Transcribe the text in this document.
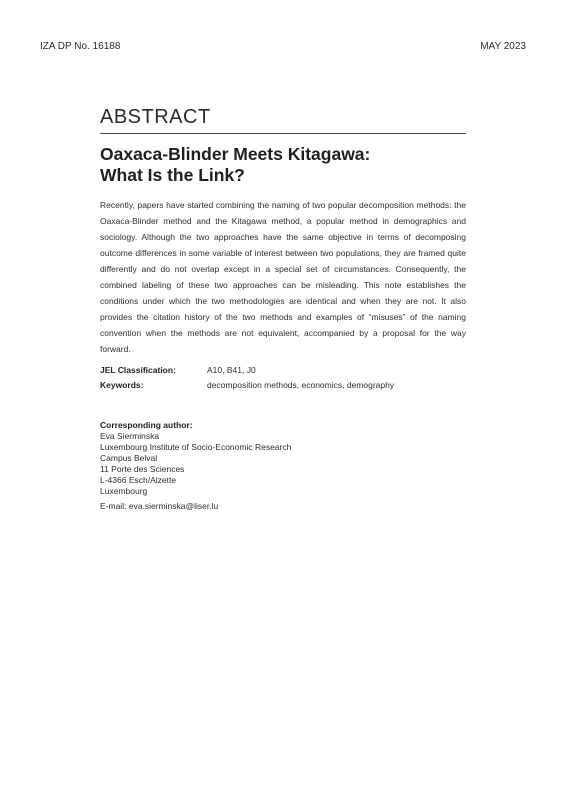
IZA DP No. 16188	MAY 2023
ABSTRACT
Oaxaca-Blinder Meets Kitagawa:
What Is the Link?
Recently, papers have started combining the naming of two popular decomposition methods: the Oaxaca-Blinder method and the Kitagawa method, a popular method in demographics and sociology. Although the two approaches have the same objective in terms of decomposing outcome differences in some variable of interest between two populations, they are framed quite differently and do not overlap except in a special set of circumstances. Consequently, the combined labeling of these two approaches can be misleading. This note establishes the conditions under which the two methodologies are identical and when they are not. It also provides the citation history of the two methods and examples of “misuses” of the naming convention when the methods are not equivalent, accompanied by a proposal for the way forward.
JEL Classification:	A10, B41, J0
Keywords:	decomposition methods, economics, demography
Corresponding author:
Eva Sierminska
Luxembourg Institute of Socio-Economic Research
Campus Belval
11 Porte des Sciences
L-4366 Esch/Alzette
Luxembourg
E-mail: eva.sierminska@liser.lu
